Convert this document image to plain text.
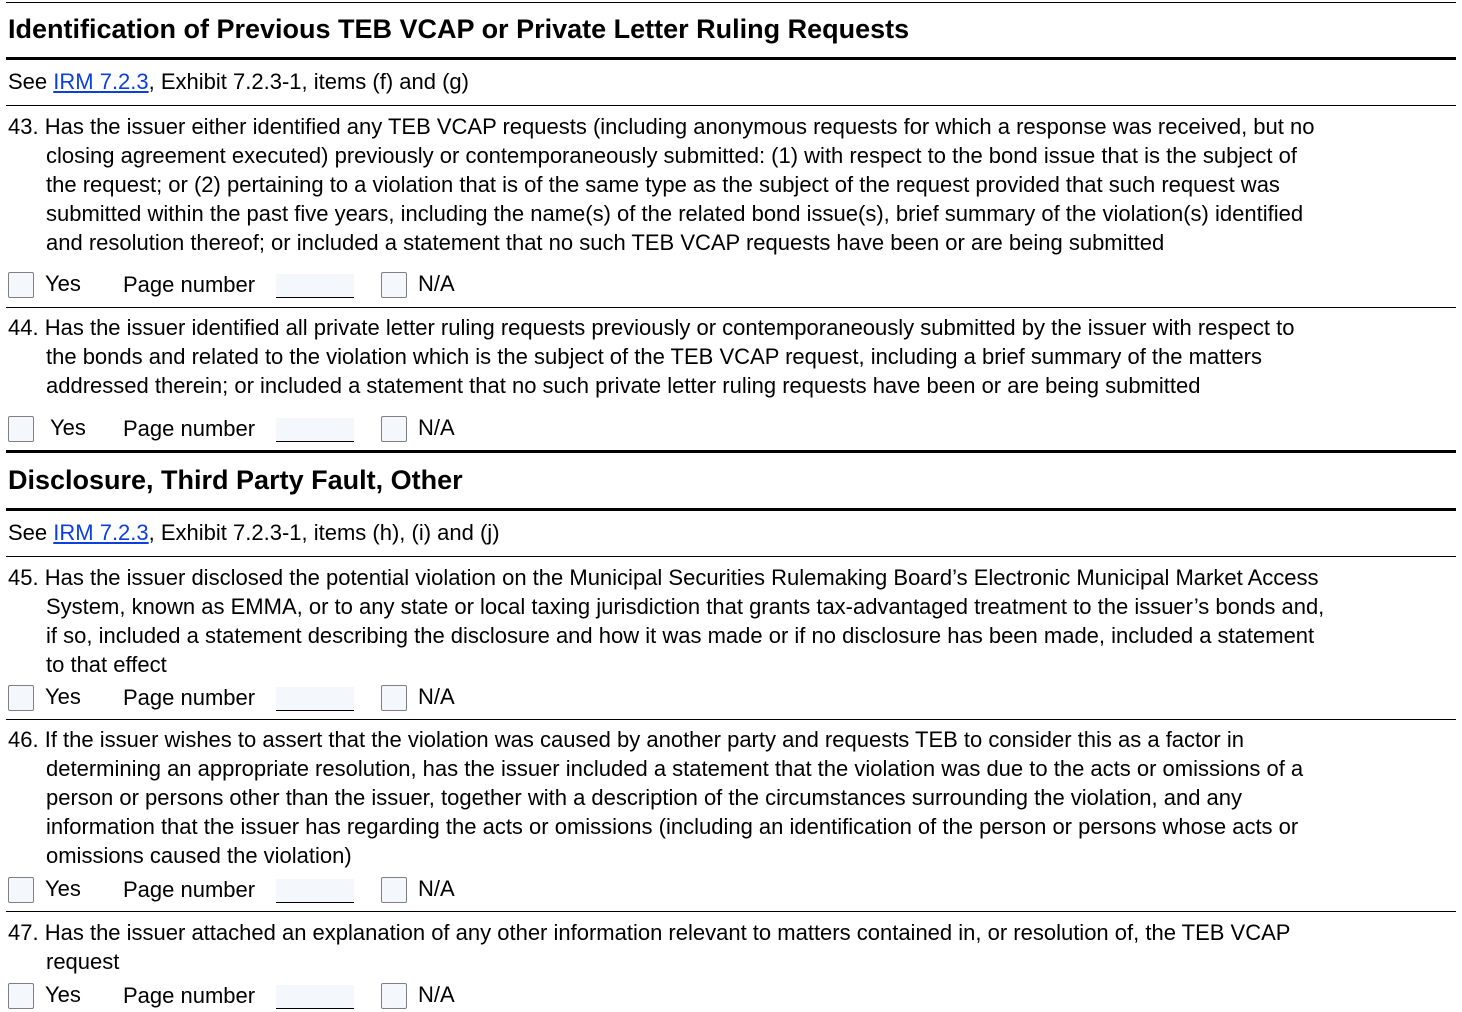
Identification of Previous TEB VCAP or Private Letter Ruling Requests
See IRM 7.2.3, Exhibit 7.2.3-1, items (f) and (g)
43. Has the issuer either identified any TEB VCAP requests (including anonymous requests for which a response was received, but no
closing agreement executed) previously or contemporaneously submitted: (1) with respect to the bond issue that is the subject of
the request; or (2) pertaining to a violation that is of the same type as the subject of the request provided that such request was
submitted within the past five years, including the name(s) of the related bond issue(s), brief summary of the violation(s) identified
and resolution thereof; or included a statement that no such TEB VCAP requests have been or are being submitted
Yes Page number	N/A
44. Has the issuer identified all private letter ruling requests previously or contemporaneously submitted by the issuer with respect to
the bonds and related to the violation which is the subject of the TEB VCAP request, including a brief summary of the matters
addressed therein; or included a statement that no such private letter ruling requests have been or are being submitted
Yes Page number	N/A
Disclosure, Third Party Fault, Other
See IRM 7.2.3, Exhibit 7.2.3-1, items (h), (i) and (j)
45. Has the issuer disclosed the potential violation on the Municipal Securities Rulemaking Board’s Electronic Municipal Market Access
System, known as EMMA, or to any state or local taxing jurisdiction that grants tax-advantaged treatment to the issuer’s bonds and,
if so, included a statement describing the disclosure and how it was made or if no disclosure has been made, included a statement
to that effect
Yes Page number	N/A
46. If the issuer wishes to assert that the violation was caused by another party and requests TEB to consider this as a factor in
determining an appropriate resolution, has the issuer included a statement that the violation was due to the acts or omissions of a
person or persons other than the issuer, together with a description of the circumstances surrounding the violation, and any
information that the issuer has regarding the acts or omissions (including an identification of the person or persons whose acts or
omissions caused the violation)
Yes Page number	N/A
47. Has the issuer attached an explanation of any other information relevant to matters contained in, or resolution of, the TEB VCAP
request
Yes Page number	N/A
